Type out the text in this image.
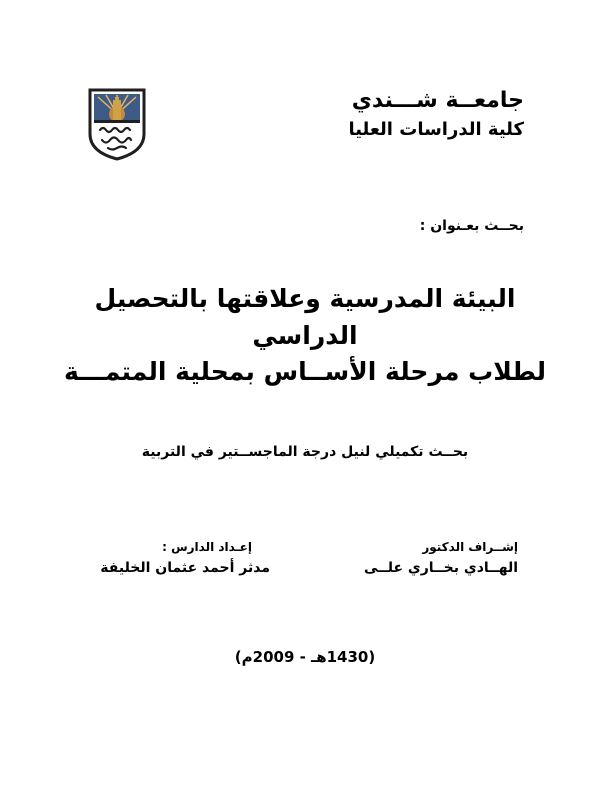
جامعــة شـــندي
كلية الدراسات العليا
بحــث بعـنوان :
البيئة المدرسية وعلاقتها بالتحصيل
الدراسي
لطلاب مرحلة الأســاس بمحلية المتمـــة
بحــث تكميلي لنيل درجة الماجســتير في التربية
إشــراف الدكتور
الهــادي بخــاري علــى
إعـداد الدارس :
مدثر أحمد عثمان الخليفة
(1430هـ - 2009م)
